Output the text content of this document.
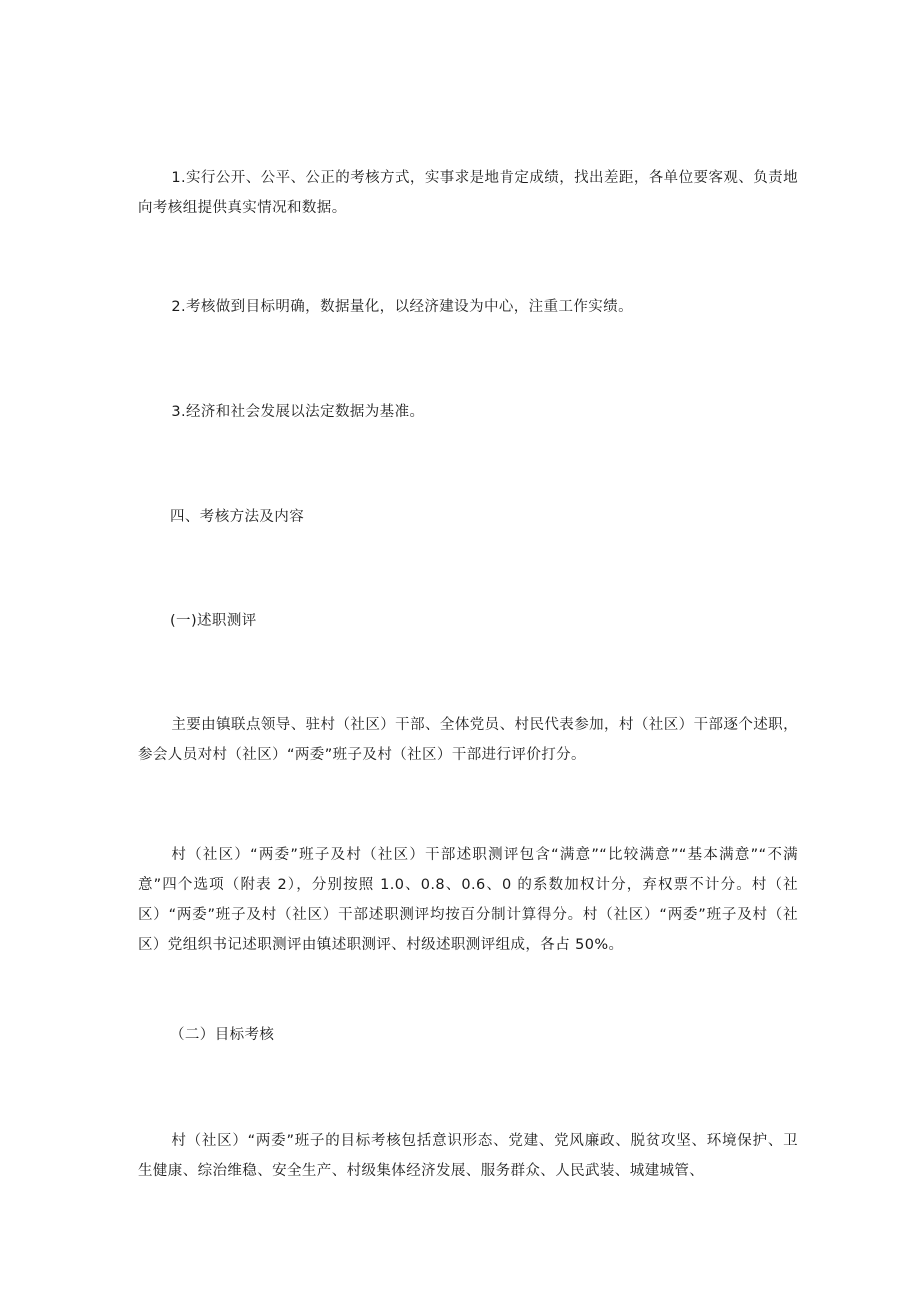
1.实行公开、公平、公正的考核方式，实事求是地肯定成绩，找出差距，各单位要客观、负责地向考核组提供真实情况和数据。

2.考核做到目标明确，数据量化，以经济建设为中心，注重工作实绩。

3.经济和社会发展以法定数据为基准。

四、考核方法及内容

(一)述职测评

主要由镇联点领导、驻村（社区）干部、全体党员、村民代表参加，村（社区）干部逐个述职，参会人员对村（社区）“两委”班子及村（社区）干部进行评价打分。

村（社区）“两委”班子及村（社区）干部述职测评包含“满意”“比较满意”“基本满意”“不满意”四个选项（附表 2），分别按照 1.0、0.8、0.6、0 的系数加权计分，弃权票不计分。村（社区）“两委”班子及村（社区）干部述职测评均按百分制计算得分。村（社区）“两委”班子及村（社区）党组织书记述职测评由镇述职测评、村级述职测评组成，各占 50%。

（二）目标考核

村（社区）“两委”班子的目标考核包括意识形态、党建、党风廉政、脱贫攻坚、环境保护、卫生健康、综治维稳、安全生产、村级集体经济发展、服务群众、人民武装、城建城管、
